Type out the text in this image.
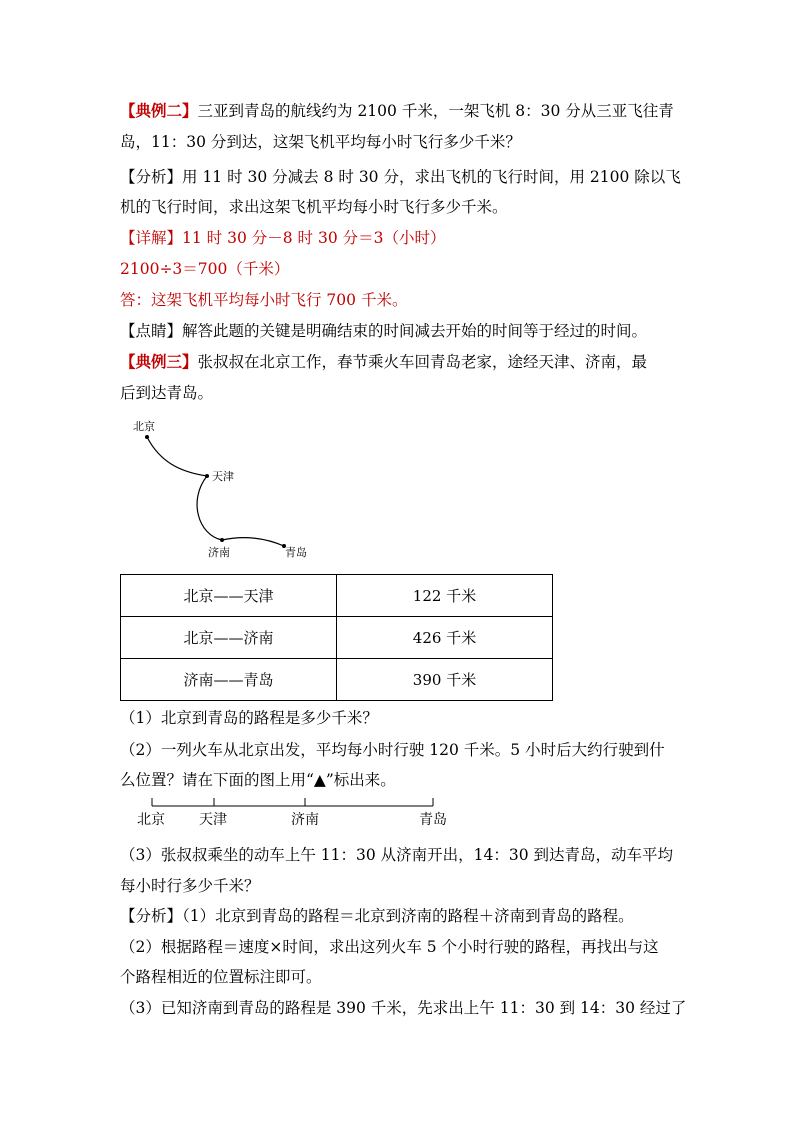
【典例二】三亚到青岛的航线约为 2100 千米，一架飞机 8：30 分从三亚飞往青
岛，11：30 分到达，这架飞机平均每小时飞行多少千米？
【分析】用 11 时 30 分减去 8 时 30 分，求出飞机的飞行时间，用 2100 除以飞
机的飞行时间，求出这架飞机平均每小时飞行多少千米。
【详解】11 时 30 分－8 时 30 分＝3（小时）
2100÷3＝700（千米）
答：这架飞机平均每小时飞行 700 千米。
【点睛】解答此题的关键是明确结束的时间减去开始的时间等于经过的时间。
【典例三】张叔叔在北京工作，春节乘火车回青岛老家，途经天津、济南，最
后到达青岛。
北京
天津
济南	青岛
北京——天津	122 千米
北京——济南	426 千米
济南——青岛	390 千米
（1）北京到青岛的路程是多少千米？
（2）一列火车从北京出发，平均每小时行驶 120 千米。5 小时后大约行驶到什
么位置？请在下面的图上用“▲”标出来。
北京 天津	济南	青岛
（3）张叔叔乘坐的动车上午 11：30 从济南开出，14：30 到达青岛，动车平均
每小时行多少千米？
【分析】（1）北京到青岛的路程＝北京到济南的路程＋济南到青岛的路程。
（2）根据路程＝速度×时间，求出这列火车 5 个小时行驶的路程，再找出与这
个路程相近的位置标注即可。
（3）已知济南到青岛的路程是 390 千米，先求出上午 11：30 到 14：30 经过了
